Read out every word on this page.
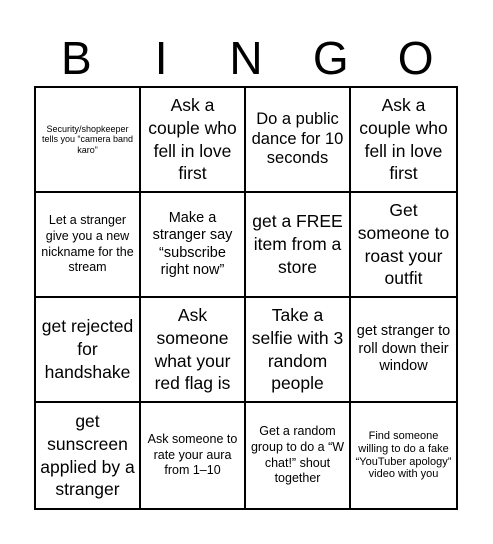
B	I	N	G	O
Security/shopkeeper tells you “camera band karo”
Ask a couple who fell in love first
Do a public dance for 10 seconds
Ask a couple who fell in love first
Let a stranger give you a new nickname for the stream
Make a stranger say “subscribe right now”
get a FREE item from a store
Get someone to roast your outfit
get rejected for handshake
Ask someone what your red flag is
Take a selfie with 3 random people
get stranger to roll down their window
get sunscreen applied by a stranger
Ask someone to rate your aura from 1–10
Get a random group to do a “W chat!” shout together
Find someone willing to do a fake “YouTuber apology” video with you
